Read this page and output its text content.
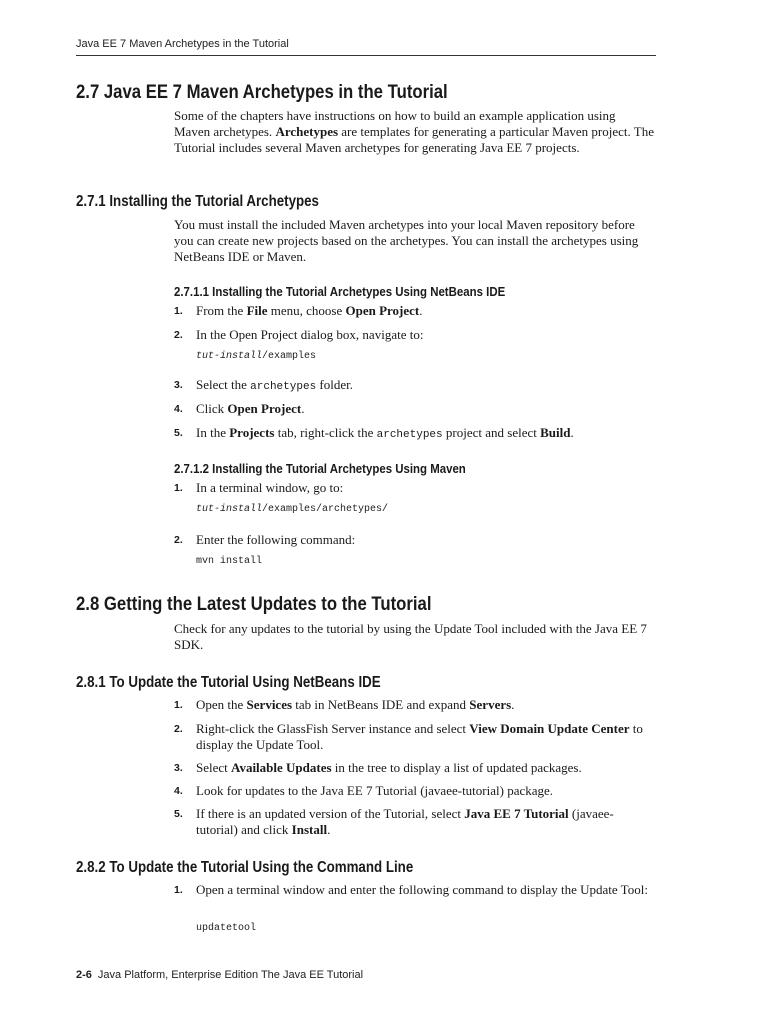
Java EE 7 Maven Archetypes in the Tutorial
2.7 Java EE 7 Maven Archetypes in the Tutorial

Some of the chapters have instructions on how to build an example application using Maven archetypes. Archetypes are templates for generating a particular Maven project. The Tutorial includes several Maven archetypes for generating Java EE 7 projects.

2.7.1 Installing the Tutorial Archetypes

You must install the included Maven archetypes into your local Maven repository before you can create new projects based on the archetypes. You can install the archetypes using NetBeans IDE or Maven.

2.7.1.1 Installing the Tutorial Archetypes Using NetBeans IDE
1. From the File menu, choose Open Project.
2. In the Open Project dialog box, navigate to:
tut-install/examples
3. Select the archetypes folder.
4. Click Open Project.
5. In the Projects tab, right-click the archetypes project and select Build.
2.7.1.2 Installing the Tutorial Archetypes Using Maven
1. In a terminal window, go to:
tut-install/examples/archetypes/
2. Enter the following command:
mvn install
2.8 Getting the Latest Updates to the Tutorial

Check for any updates to the tutorial by using the Update Tool included with the Java EE 7 SDK.

2.8.1 To Update the Tutorial Using NetBeans IDE
1. Open the Services tab in NetBeans IDE and expand Servers.
2. Right-click the GlassFish Server instance and select View Domain Update Center to display the Update Tool.
3. Select Available Updates in the tree to display a list of updated packages.
4. Look for updates to the Java EE 7 Tutorial (javaee-tutorial) package.
5. If there is an updated version of the Tutorial, select Java EE 7 Tutorial (javaee-tutorial) and click Install.
2.8.2 To Update the Tutorial Using the Command Line
1. Open a terminal window and enter the following command to display the Update Tool:
updatetool
2-6 Java Platform, Enterprise Edition The Java EE Tutorial
